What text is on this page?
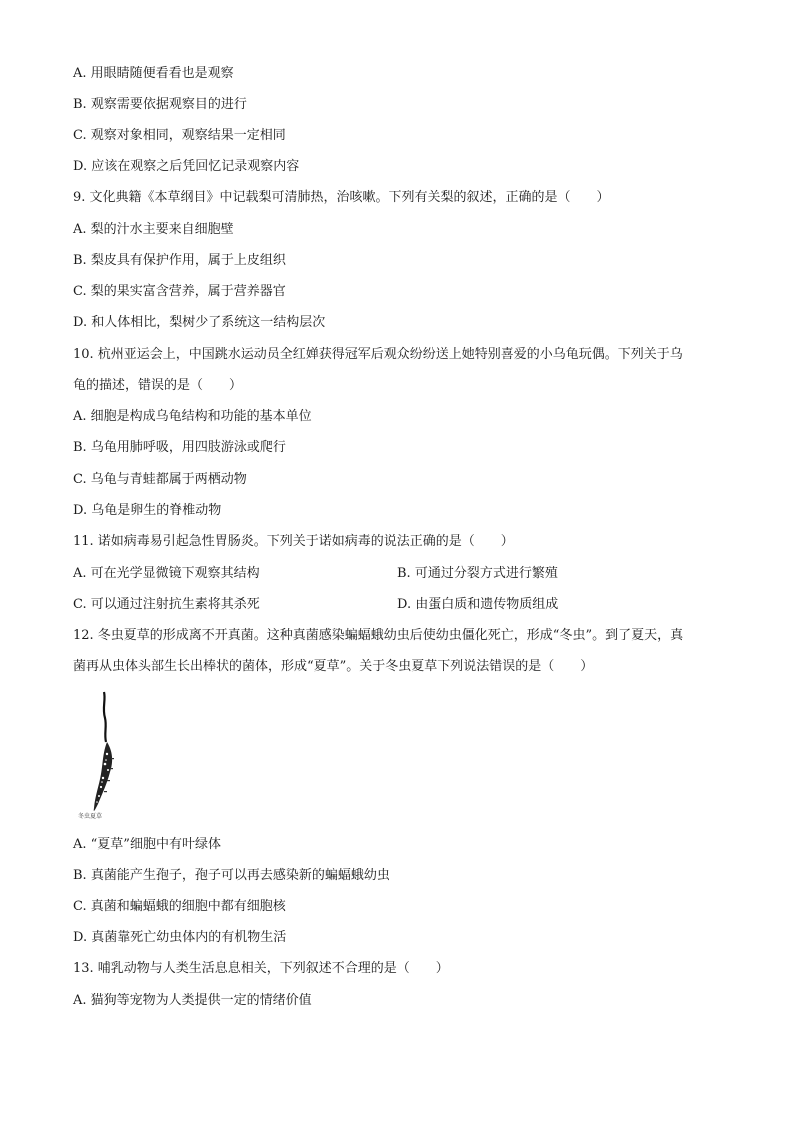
A. 用眼睛随便看看也是观察
B. 观察需要依据观察目的进行
C. 观察对象相同，观察结果一定相同
D. 应该在观察之后凭回忆记录观察内容
9. 文化典籍《本草纲目》中记载梨可清肺热，治咳嗽。下列有关梨的叙述，正确的是（　　）
A. 梨的汁水主要来自细胞壁
B. 梨皮具有保护作用，属于上皮组织
C. 梨的果实富含营养，属于营养器官
D. 和人体相比，梨树少了系统这一结构层次
10. 杭州亚运会上，中国跳水运动员全红婵获得冠军后观众纷纷送上她特别喜爱的小乌龟玩偶。下列关于乌
龟的描述，错误的是（　　）
A. 细胞是构成乌龟结构和功能的基本单位
B. 乌龟用肺呼吸，用四肢游泳或爬行
C. 乌龟与青蛙都属于两栖动物
D. 乌龟是卵生的脊椎动物
11. 诺如病毒易引起急性胃肠炎。下列关于诺如病毒的说法正确的是（　　）
A. 可在光学显微镜下观察其结构	B. 可通过分裂方式进行繁殖
C. 可以通过注射抗生素将其杀死	D. 由蛋白质和遗传物质组成
12. 冬虫夏草的形成离不开真菌。这种真菌感染蝙蝠蛾幼虫后使幼虫僵化死亡，形成“冬虫”。到了夏天，真
菌再从虫体头部生长出棒状的菌体，形成“夏草”。关于冬虫夏草下列说法错误的是（　　）
冬虫夏草
A. “夏草”细胞中有叶绿体
B. 真菌能产生孢子，孢子可以再去感染新的蝙蝠蛾幼虫
C. 真菌和蝙蝠蛾的细胞中都有细胞核
D. 真菌靠死亡幼虫体内的有机物生活
13. 哺乳动物与人类生活息息相关，下列叙述不合理的是（　　）
A. 猫狗等宠物为人类提供一定的情绪价值
